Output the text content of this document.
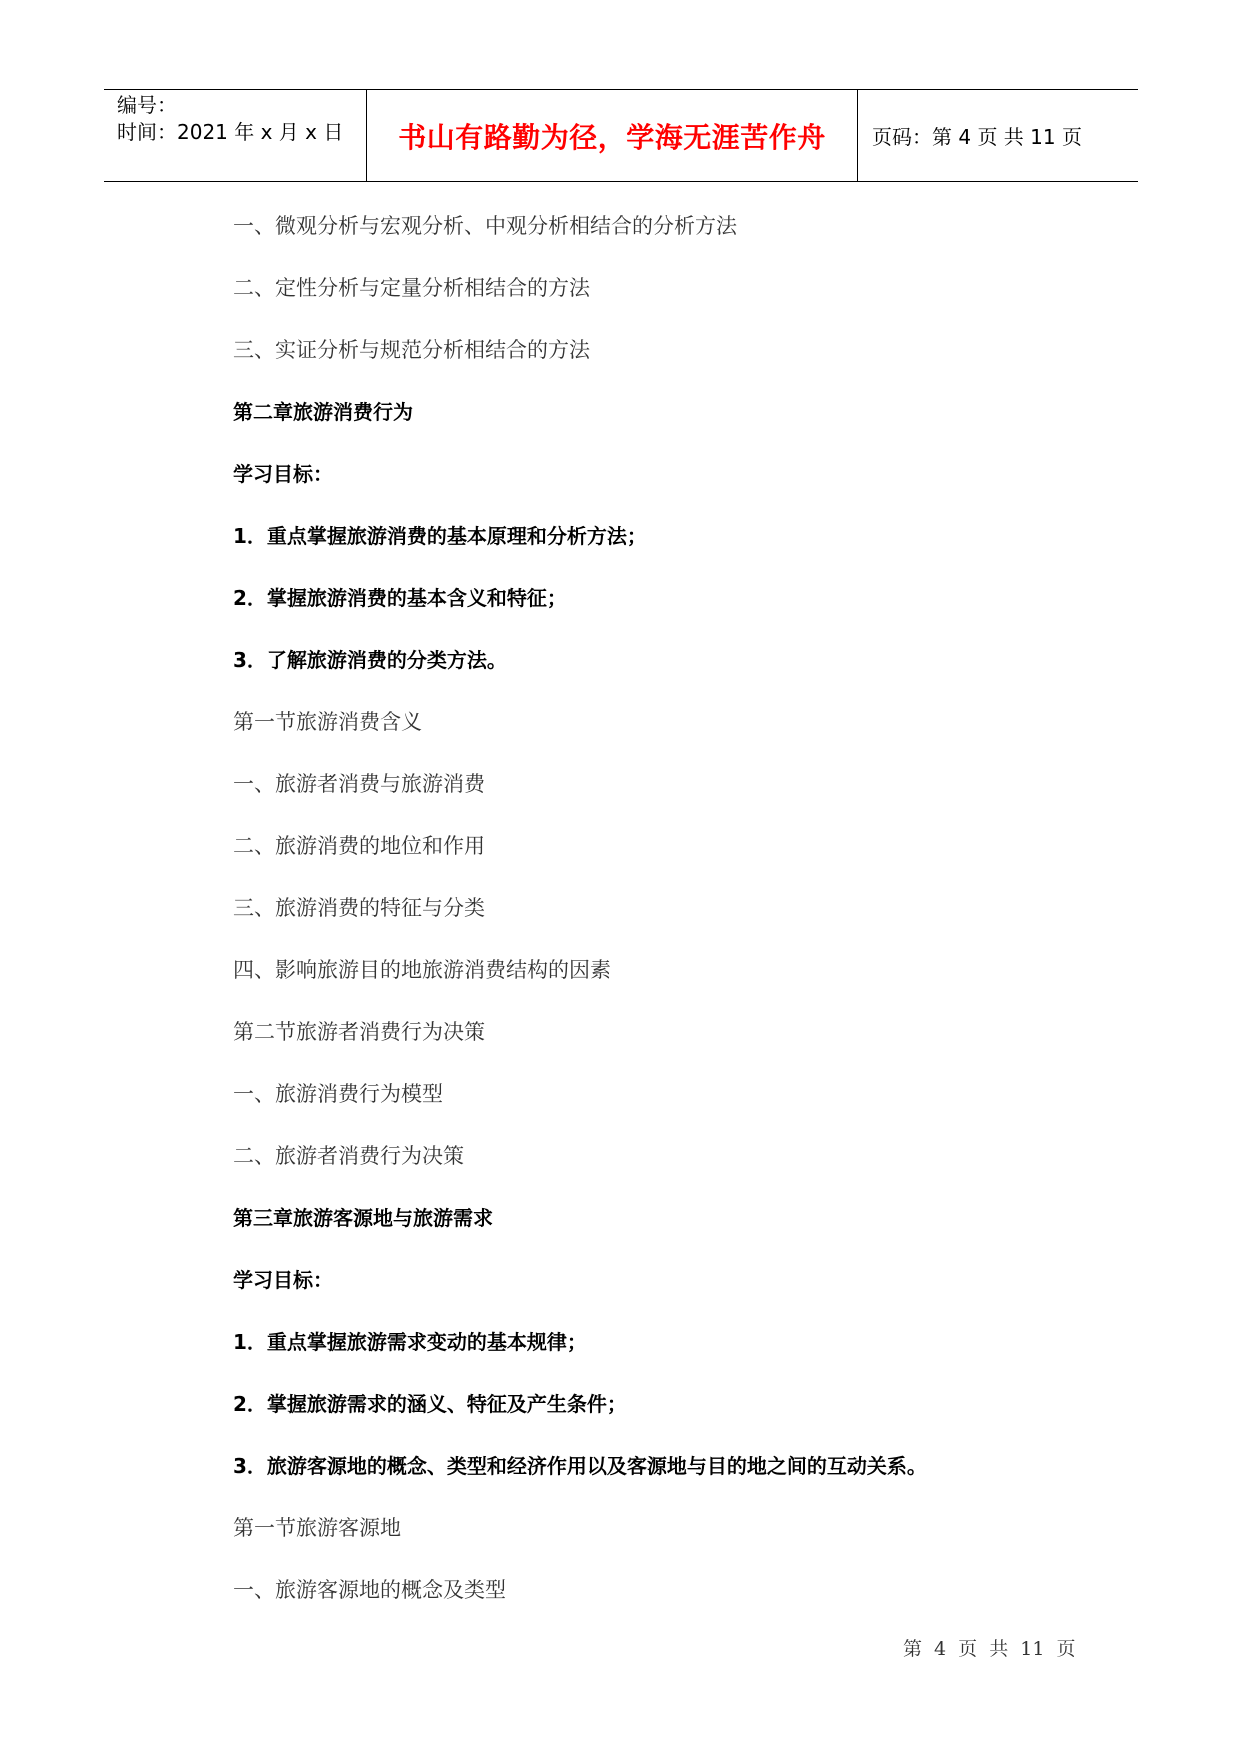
编号：
时间：2021 年 x 月 x 日	书山有路勤为径，学海无涯苦作舟 页码：第 4 页 共 11 页
一、微观分析与宏观分析、中观分析相结合的分析方法
二、定性分析与定量分析相结合的方法
三、实证分析与规范分析相结合的方法
第二章旅游消费行为
学习目标：
1．重点掌握旅游消费的基本原理和分析方法；
2．掌握旅游消费的基本含义和特征；
3．了解旅游消费的分类方法。
第一节旅游消费含义
一、旅游者消费与旅游消费
二、旅游消费的地位和作用
三、旅游消费的特征与分类
四、影响旅游目的地旅游消费结构的因素
第二节旅游者消费行为决策
一、旅游消费行为模型
二、旅游者消费行为决策
第三章旅游客源地与旅游需求
学习目标：
1．重点掌握旅游需求变动的基本规律；
2．掌握旅游需求的涵义、特征及产生条件；
3．旅游客源地的概念、类型和经济作用以及客源地与目的地之间的互动关系。
第一节旅游客源地
一、旅游客源地的概念及类型
第 4 页 共 11 页
